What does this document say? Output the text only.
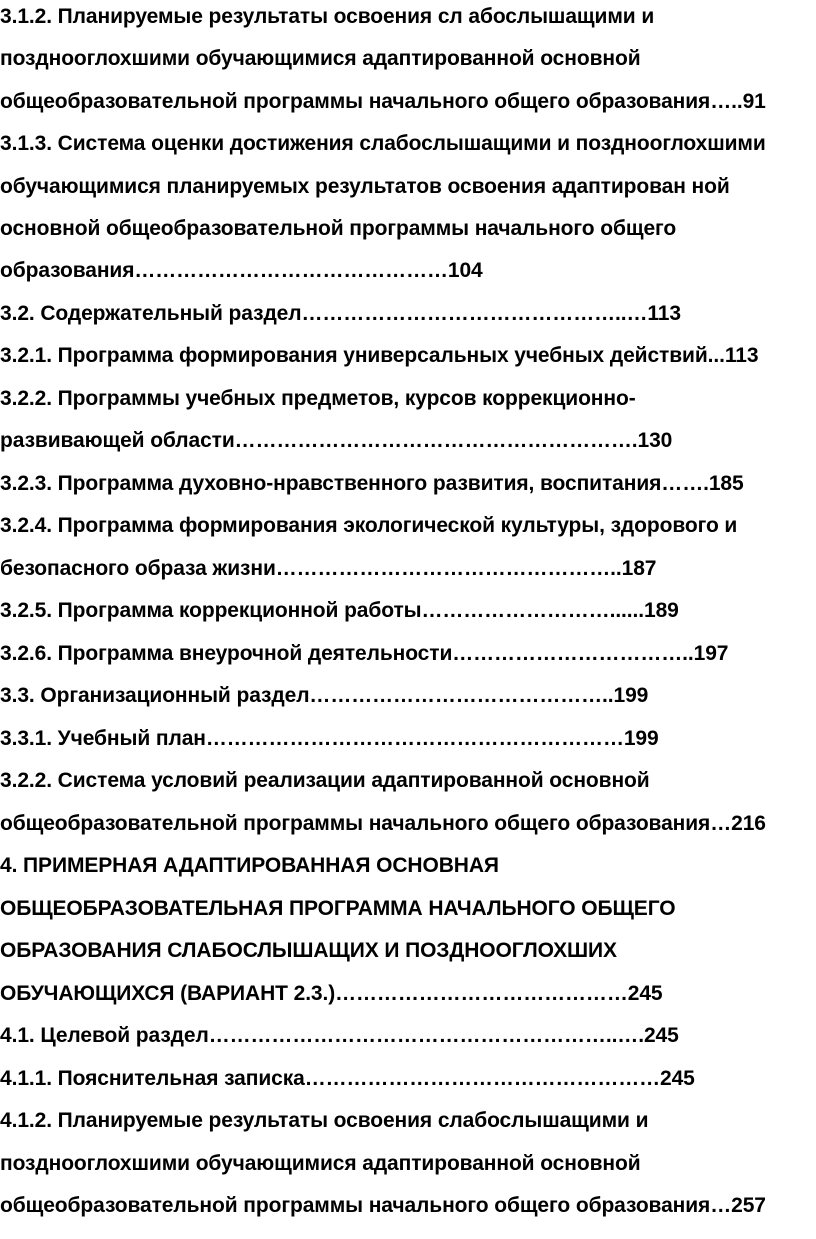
3.1.2. Планируемые результаты освоения сл абослышащими и
позднооглохшими обучающимися адаптированной основной
общеобразовательной программы начального общего образования…..91
3.1.3. Система оценки достижения слабослышащими и позднооглохшими
обучающимися планируемых результатов освоения адаптирован ной
основной общеобразовательной программы начального общего
образования………………………………………104
3.2. Содержательный раздел………………………………………..…113
3.2.1. Программа формирования универсальных учебных действий...113
3.2.2. Программы учебных предметов, курсов коррекционно-
развивающей области………………………………………………….130
3.2.3. Программа духовно-нравственного развития, воспитания…….185
3.2.4. Программа формирования экологической культуры, здорового и
безопасного образа жизни…………………………………………..187
3.2.5. Программа коррекционной работы………………………......189
3.2.6. Программа внеурочной деятельности……………………………..197
3.3. Организационный раздел……………………………………..199
3.3.1. Учебный план……………………………………………………199
3.2.2. Система условий реализации адаптированной основной
общеобразовательной программы начального общего образования…216
4. ПРИМЕРНАЯ АДАПТИРОВАННАЯ ОСНОВНАЯ
ОБЩЕОБРАЗОВАТЕЛЬНАЯ ПРОГРАММА НАЧАЛЬНОГО ОБЩЕГО
ОБРАЗОВАНИЯ СЛАБОСЛЫШАЩИХ И ПОЗДНООГЛОХШИХ
ОБУЧАЮЩИХСЯ (ВАРИАНТ 2.3.)……………………………………245
4.1. Целевой раздел…………………………………………………..….245
4.1.1. Пояснительная записка……………………………………………245
4.1.2. Планируемые результаты освоения слабослышащими и
позднооглохшими обучающимися адаптированной основной
общеобразовательной программы начального общего образования…257
